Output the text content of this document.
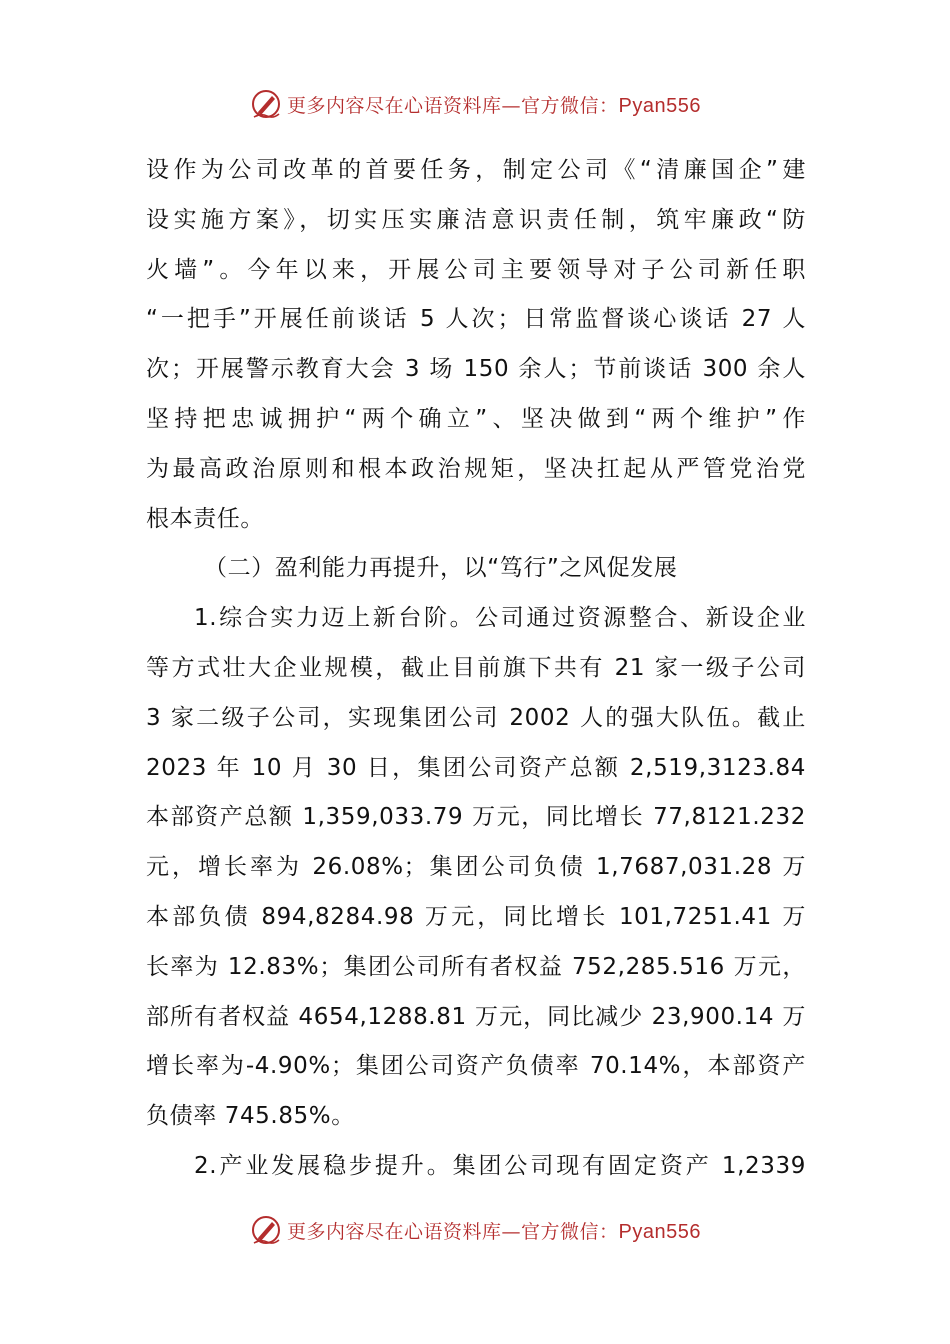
更多内容尽在心语资料库—官方微信：Pyan556
设作为公司改革的首要任务，制定公司《“清廉国企”建
设实施方案》，切实压实廉洁意识责任制，筑牢廉政“防
火墙”。今年以来，开展公司主要领导对子公司新任职
“一把手”开展任前谈话 5 人次；日常监督谈心谈话 27 人
次；开展警示教育大会 3 场 150 余人；节前谈话 300 余人
坚持把忠诚拥护“两个确立”、坚决做到“两个维护”作
为最高政治原则和根本政治规矩，坚决扛起从严管党治党
根本责任。
（二）盈利能力再提升，以“笃行”之风促发展
1.综合实力迈上新台阶。公司通过资源整合、新设企业
等方式壮大企业规模，截止目前旗下共有 21 家一级子公司
3 家二级子公司，实现集团公司 2002 人的强大队伍。截止
2023 年 10 月 30 日，集团公司资产总额 2,519,3123.84
本部资产总额 1,359,033.79 万元，同比增长 77,8121.232
元，增长率为 26.08%；集团公司负债 1,7687,031.28 万
本部负债 894,8284.98 万元，同比增长 101,7251.41 万
长率为 12.83%；集团公司所有者权益 752,285.516 万元，
部所有者权益 4654,1288.81 万元，同比减少 23,900.14 万
增长率为-4.90%；集团公司资产负债率 70.14%，本部资产
负债率 745.85%。
2.产业发展稳步提升。集团公司现有固定资产 1,2339
更多内容尽在心语资料库—官方微信：Pyan556
